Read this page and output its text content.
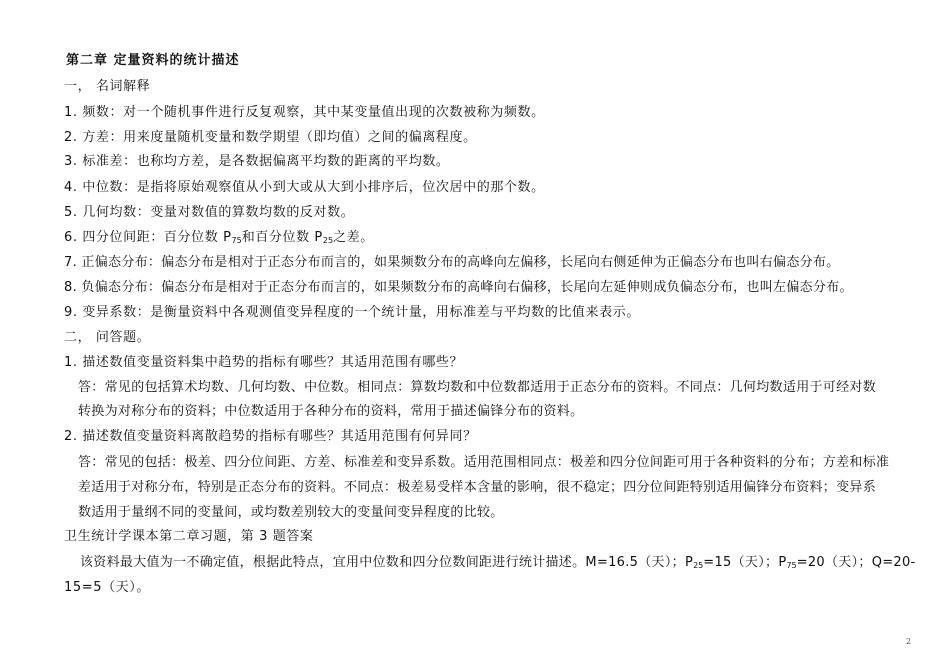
第二章 定量资料的统计描述
一， 名词解释
1. 频数：对一个随机事件进行反复观察，其中某变量值出现的次数被称为频数。
2. 方差：用来度量随机变量和数学期望（即均值）之间的偏离程度。
3. 标准差：也称均方差，是各数据偏离平均数的距离的平均数。
4. 中位数：是指将原始观察值从小到大或从大到小排序后，位次居中的那个数。
5. 几何均数：变量对数值的算数均数的反对数。
6. 四分位间距：百分位数 $P_{75}$和百分位数 $P_{25}$之差。
7. 正偏态分布：偏态分布是相对于正态分布而言的，如果频数分布的高峰向左偏移，长尾向右侧延伸为正偏态分布也叫右偏态分布。
8. 负偏态分布：偏态分布是相对于正态分布而言的，如果频数分布的高峰向右偏移，长尾向左延伸则成负偏态分布，也叫左偏态分布。
9. 变异系数：是衡量资料中各观测值变异程度的一个统计量，用标准差与平均数的比值来表示。
二， 问答题。
1. 描述数值变量资料集中趋势的指标有哪些？其适用范围有哪些？
答：常见的包括算术均数、几何均数、中位数。相同点：算数均数和中位数都适用于正态分布的资料。不同点：几何均数适用于可经对数
转换为对称分布的资料；中位数适用于各种分布的资料，常用于描述偏锋分布的资料。
2. 描述数值变量资料离散趋势的指标有哪些？其适用范围有何异同？
答：常见的包括：极差、四分位间距、方差、标准差和变异系数。适用范围相同点：极差和四分位间距可用于各种资料的分布；方差和标准
差适用于对称分布，特别是正态分布的资料。不同点：极差易受样本含量的影响，很不稳定；四分位间距特别适用偏锋分布资料；变异系
数适用于量纲不同的变量间，或均数差别较大的变量间变异程度的比较。
卫生统计学课本第二章习题，第 3 题答案
该资料最大值为一不确定值，根据此特点，宜用中位数和四分位数间距进行统计描述。M=16.5（天）；$P_{25}=15$（天）；$P_{75}=20$（天）；Q=20-
15=5（天）。
2
